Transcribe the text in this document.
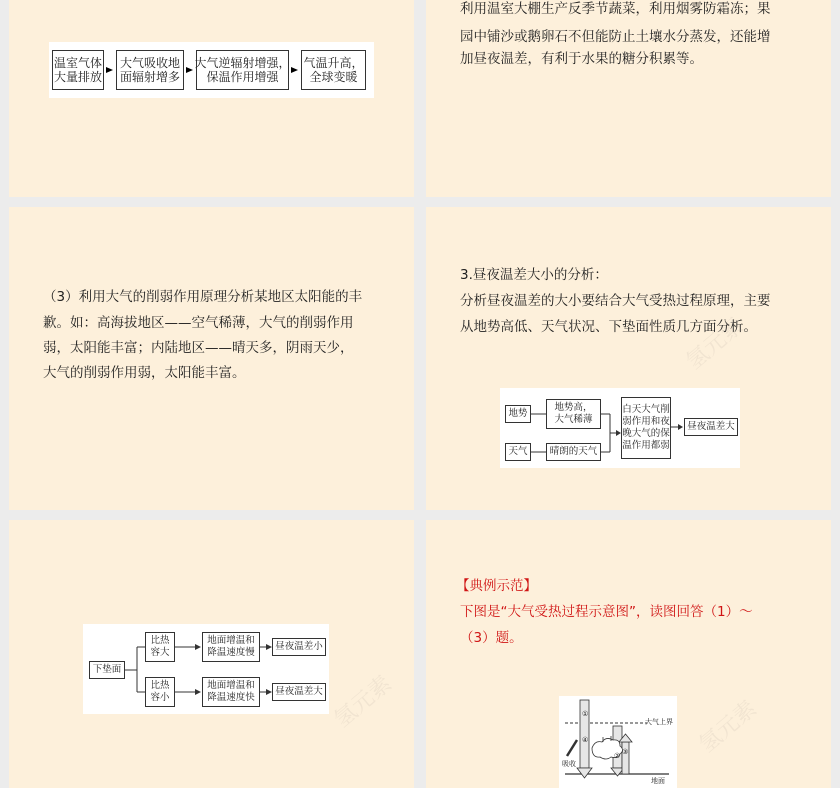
温室气体
大量排放
大气吸收地
面辐射增多
大气逆辐射增强，
保温作用增强
气温升高，
全球变暖
利用温室大棚生产反季节蔬菜，利用烟雾防霜冻；果
园中铺沙或鹅卵石不但能防止土壤水分蒸发，还能增
加昼夜温差，有利于水果的糖分积累等。
（3）利用大气的削弱作用原理分析某地区太阳能的丰
歉。如：高海拔地区——空气稀薄，大气的削弱作用
弱，太阳能丰富；内陆地区——晴天多，阴雨天少，
大气的削弱作用弱，太阳能丰富。
3.昼夜温差大小的分析：
分析昼夜温差的大小要结合大气受热过程原理，主要
从地势高低、天气状况、下垫面性质几方面分析。
地势
天气
地势高，
大气稀薄
晴朗的天气
白天大气削
弱作用和夜
晚大气的保
温作用都弱
昼夜温差大
氢元素
下垫面
比热
容大
比热
容小
地面增温和
降温速度慢
地面增温和
降温速度快
昼夜温差小
昼夜温差大 氢元素
【典例示范】
下图是“大气受热过程示意图”，读图回答（1）～
（3）题。
大气上界
吸收
地面
①
② ③
④	氢元素
